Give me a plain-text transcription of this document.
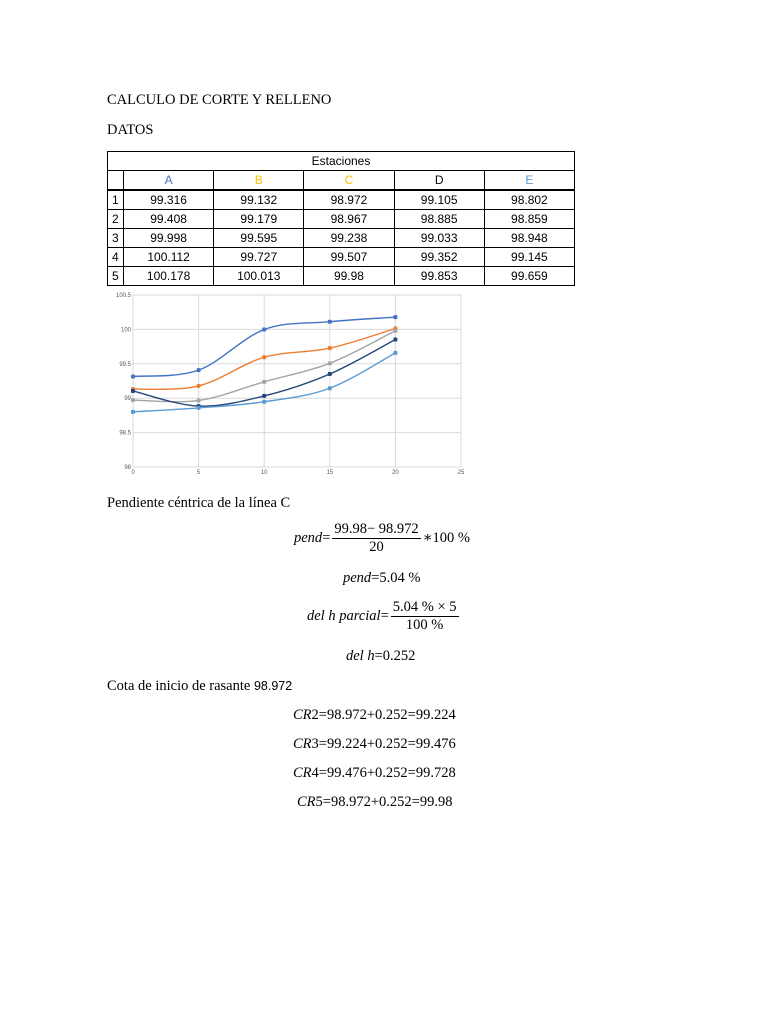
CALCULO DE CORTE Y RELLENO
DATOS
Estaciones					
	A	B	C	D	E
1	99.316	99.132	98.972	99.105	98.802
2	99.408	99.179	98.967	98.885	98.859
3	99.998	99.595	99.238	99.033	98.948
4	100.112	99.727	99.507	99.352	99.145
5	100.178	100.013	99.98	99.853	99.659
98
98.5
99
99.5
100
100.5
0	5	10	15	20	25
Pendiente céntrica de la línea C
pend = $\frac{99.98- 98.972}{20}$ ∗100 %
pend =5.04 %
del h parcial = $\frac{5.04 \% \times 5}{100 \%}$
del h =0.252
Cota de inicio de rasante 98.972
CR 2=98.972+0.252=99.224
CR 3=99.224+0.252=99.476
CR 4=99.476+0.252=99.728
CR 5=98.972+0.252=99.98
